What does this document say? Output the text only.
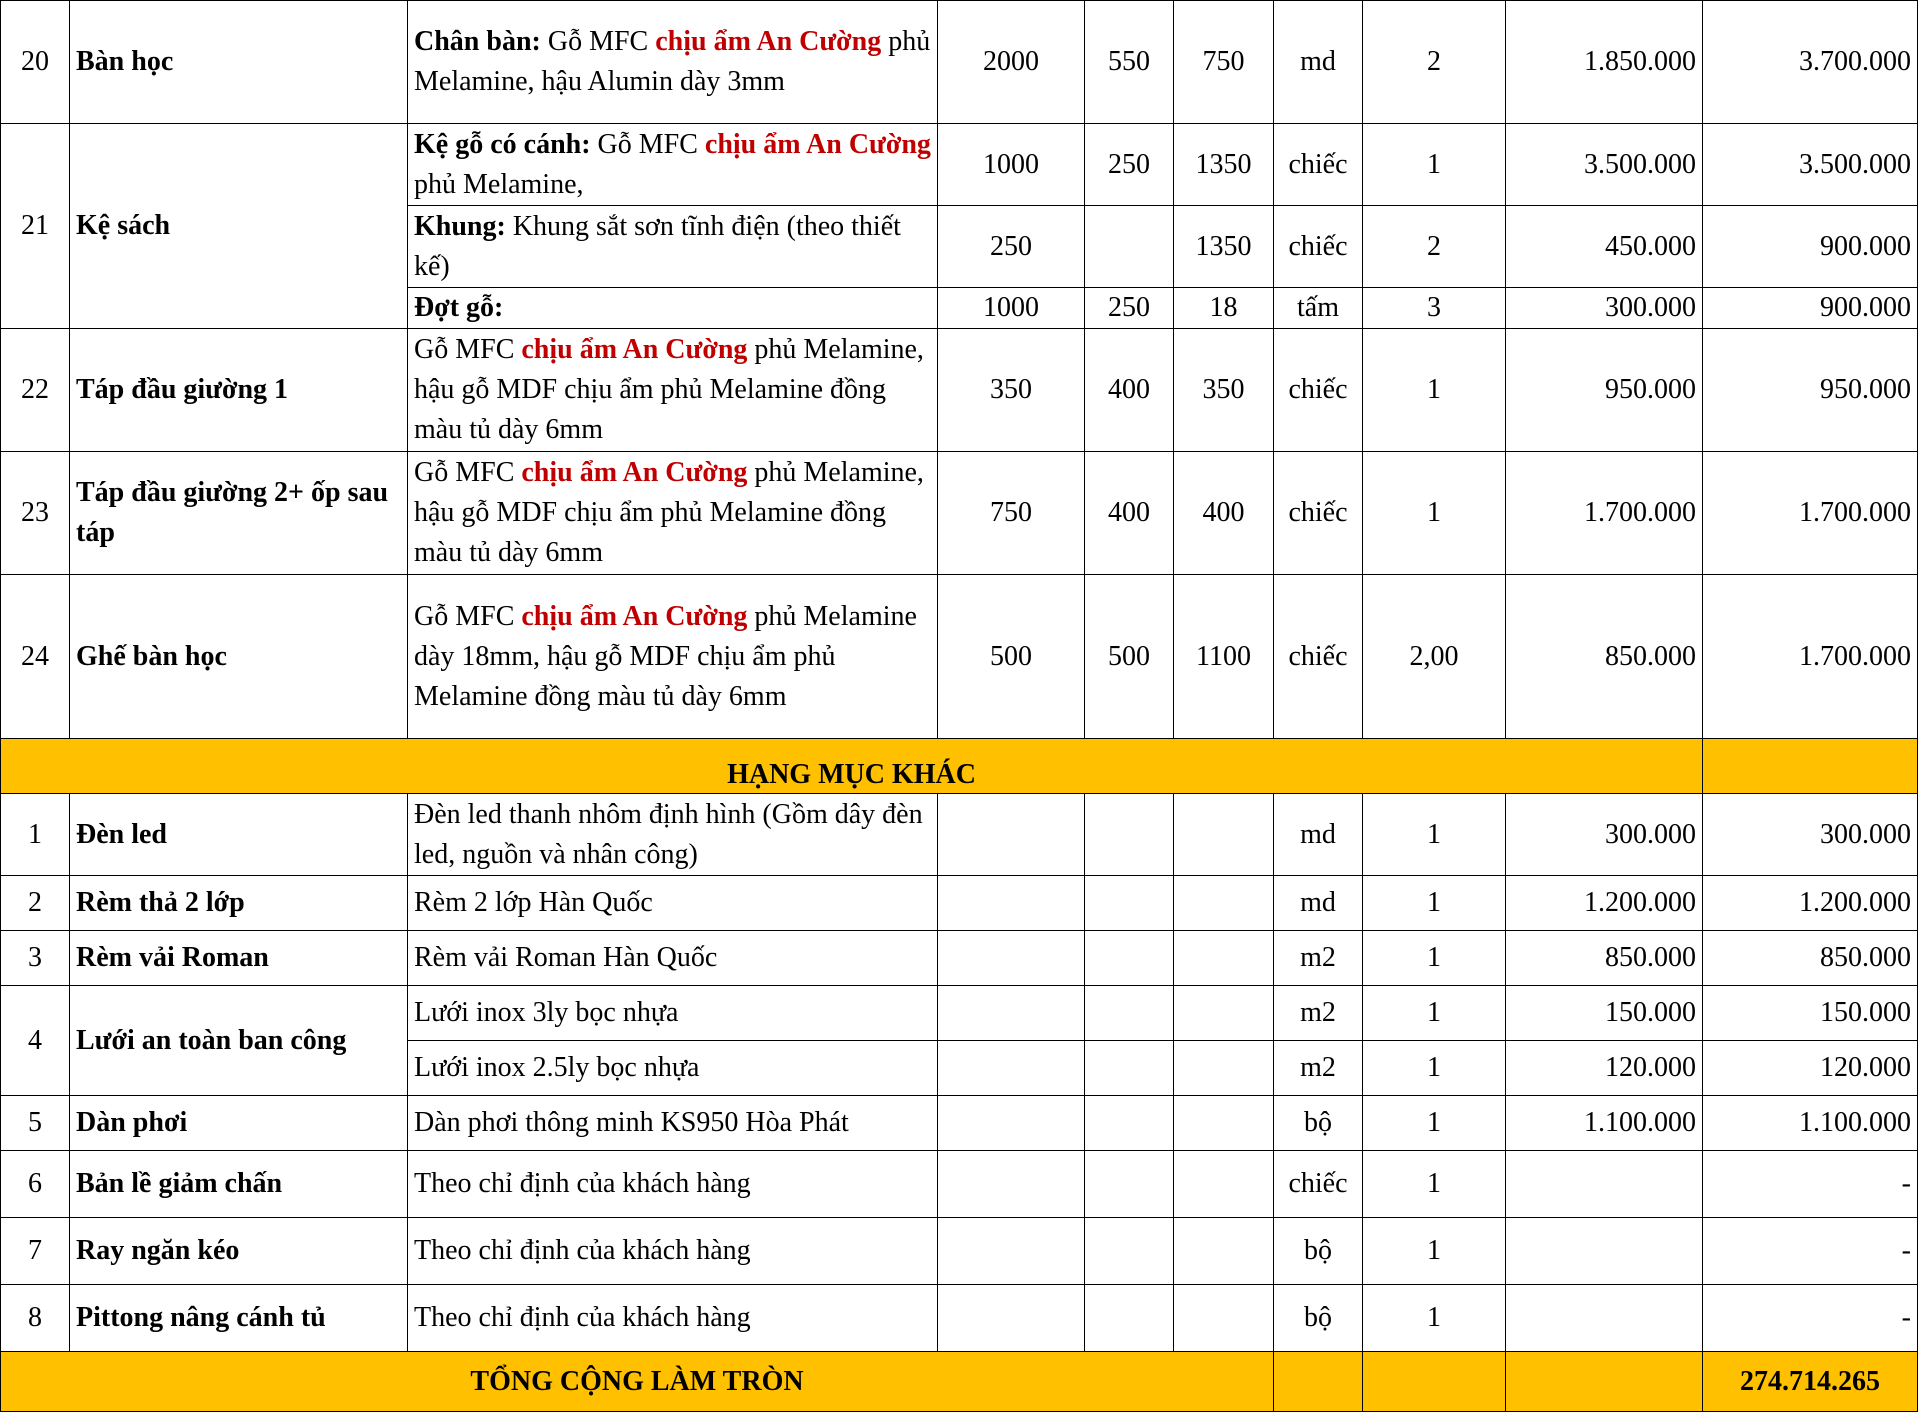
20	Bàn học	Chân bàn: Gỗ MFC chịu ẩm An Cường phủ Melamine, hậu Alumin dày 3mm	2000	550	750	md	2	1.850.000	3.700.000
21	Kệ sách	Kệ gỗ có cánh: Gỗ MFC chịu ẩm An Cường phủ Melamine,	1000	250	1350	chiếc	1	3.500.000	3.500.000
		Khung: Khung sắt sơn tĩnh điện (theo thiết kế)	250		1350	chiếc	2	450.000	900.000
		Đợt gỗ:	1000	250	18	tấm	3	300.000	900.000
22	Táp đầu giường 1	Gỗ MFC chịu ẩm An Cường phủ Melamine, hậu gỗ MDF chịu ẩm phủ Melamine đồng màu tủ dày 6mm	350	400	350	chiếc	1	950.000	950.000
23	Táp đầu giường 2+ ốp sau táp	Gỗ MFC chịu ẩm An Cường phủ Melamine, hậu gỗ MDF chịu ẩm phủ Melamine đồng màu tủ dày 6mm	750	400	400	chiếc	1	1.700.000	1.700.000
24	Ghế bàn học	Gỗ MFC chịu ẩm An Cường phủ Melamine dày 18mm, hậu gỗ MDF chịu ẩm phủ Melamine đồng màu tủ dày 6mm	500	500	1100	chiếc	2,00	850.000	1.700.000
HẠNG MỤC KHÁC									
1	Đèn led	Đèn led thanh nhôm định hình (Gồm dây đèn led, nguồn và nhân công)				md	1	300.000	300.000
2	Rèm thả 2 lớp	Rèm 2 lớp Hàn Quốc				md	1	1.200.000	1.200.000
3	Rèm vải Roman	Rèm vải Roman Hàn Quốc				m2	1	850.000	850.000
4	Lưới an toàn ban công	Lưới inox 3ly bọc nhựa				m2	1	150.000	150.000
		Lưới inox 2.5ly bọc nhựa				m2	1	120.000	120.000
5	Dàn phơi	Dàn phơi thông minh KS950 Hòa Phát				bộ	1	1.100.000	1.100.000
6	Bản lề giảm chấn	Theo chỉ định của khách hàng				chiếc	1		-
7	Ray ngăn kéo	Theo chỉ định của khách hàng				bộ	1		-
8	Pittong nâng cánh tủ	Theo chỉ định của khách hàng				bộ	1		-
TỔNG CỘNG LÀM TRÒN									274.714.265
